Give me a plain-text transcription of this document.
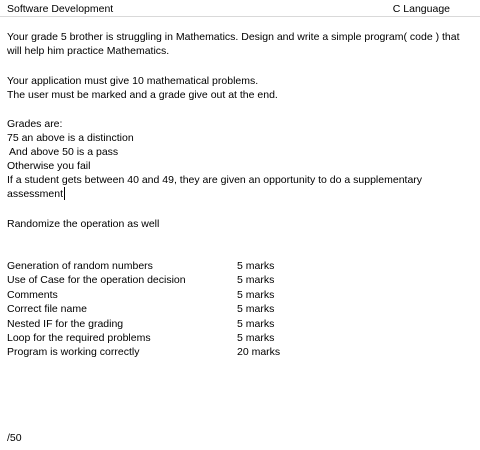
Software Development	C Language
Your grade 5 brother is struggling in Mathematics. Design and write a simple program( code ) that
will help him practice Mathematics.
Your application must give 10 mathematical problems.
The user must be marked and a grade give out at the end.
Grades are:
75 an above is a distinction
And above 50 is a pass
Otherwise you fail
If a student gets between 40 and 49, they are given an opportunity to do a supplementary
assessment
Randomize the operation as well
Generation of random numbers	5 marks
Use of Case for the operation decision	5 marks
Comments	5 marks
Correct file name	5 marks
Nested IF for the grading	5 marks
Loop for the required problems	5 marks
Program is working correctly	20 marks
/50
